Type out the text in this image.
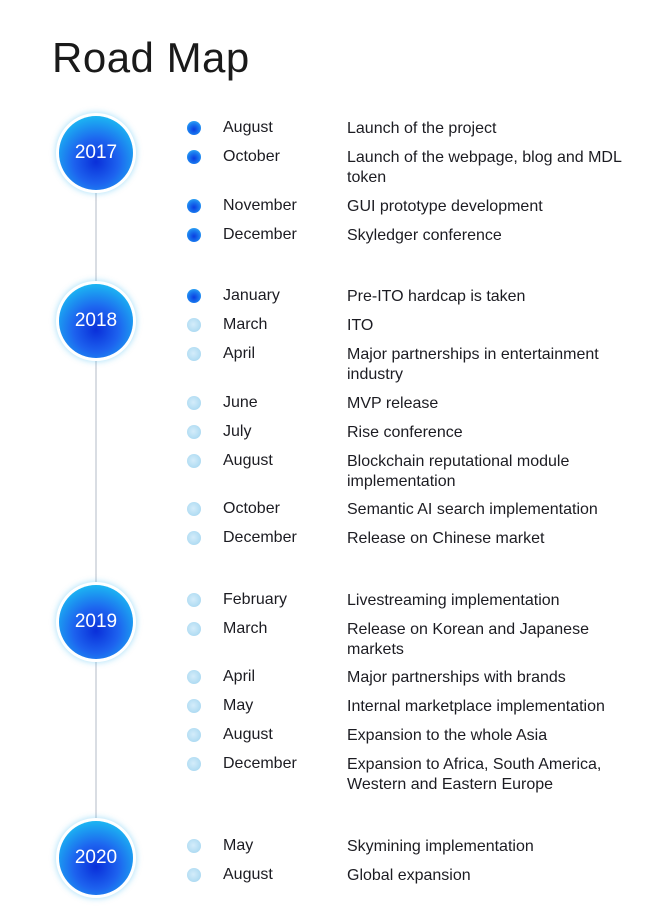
Road Map
2017
August	Launch of the project
October	Launch of the webpage, blog and MDL token
November	GUI prototype development
December	Skyledger conference
2018
January	Pre-ITO hardcap is taken
March	ITO
April	Major partnerships in entertainment industry
June	MVP release
July	Rise conference
August	Blockchain reputational module implementation
October	Semantic AI search implementation
December	Release on Chinese market
2019
February	Livestreaming implementation
March	Release on Korean and Japanese markets
April	Major partnerships with brands
May	Internal marketplace implementation
August	Expansion to the whole Asia
December	Expansion to Africa, South America, Western and Eastern Europe
2020
May	Skymining implementation
August	Global expansion
